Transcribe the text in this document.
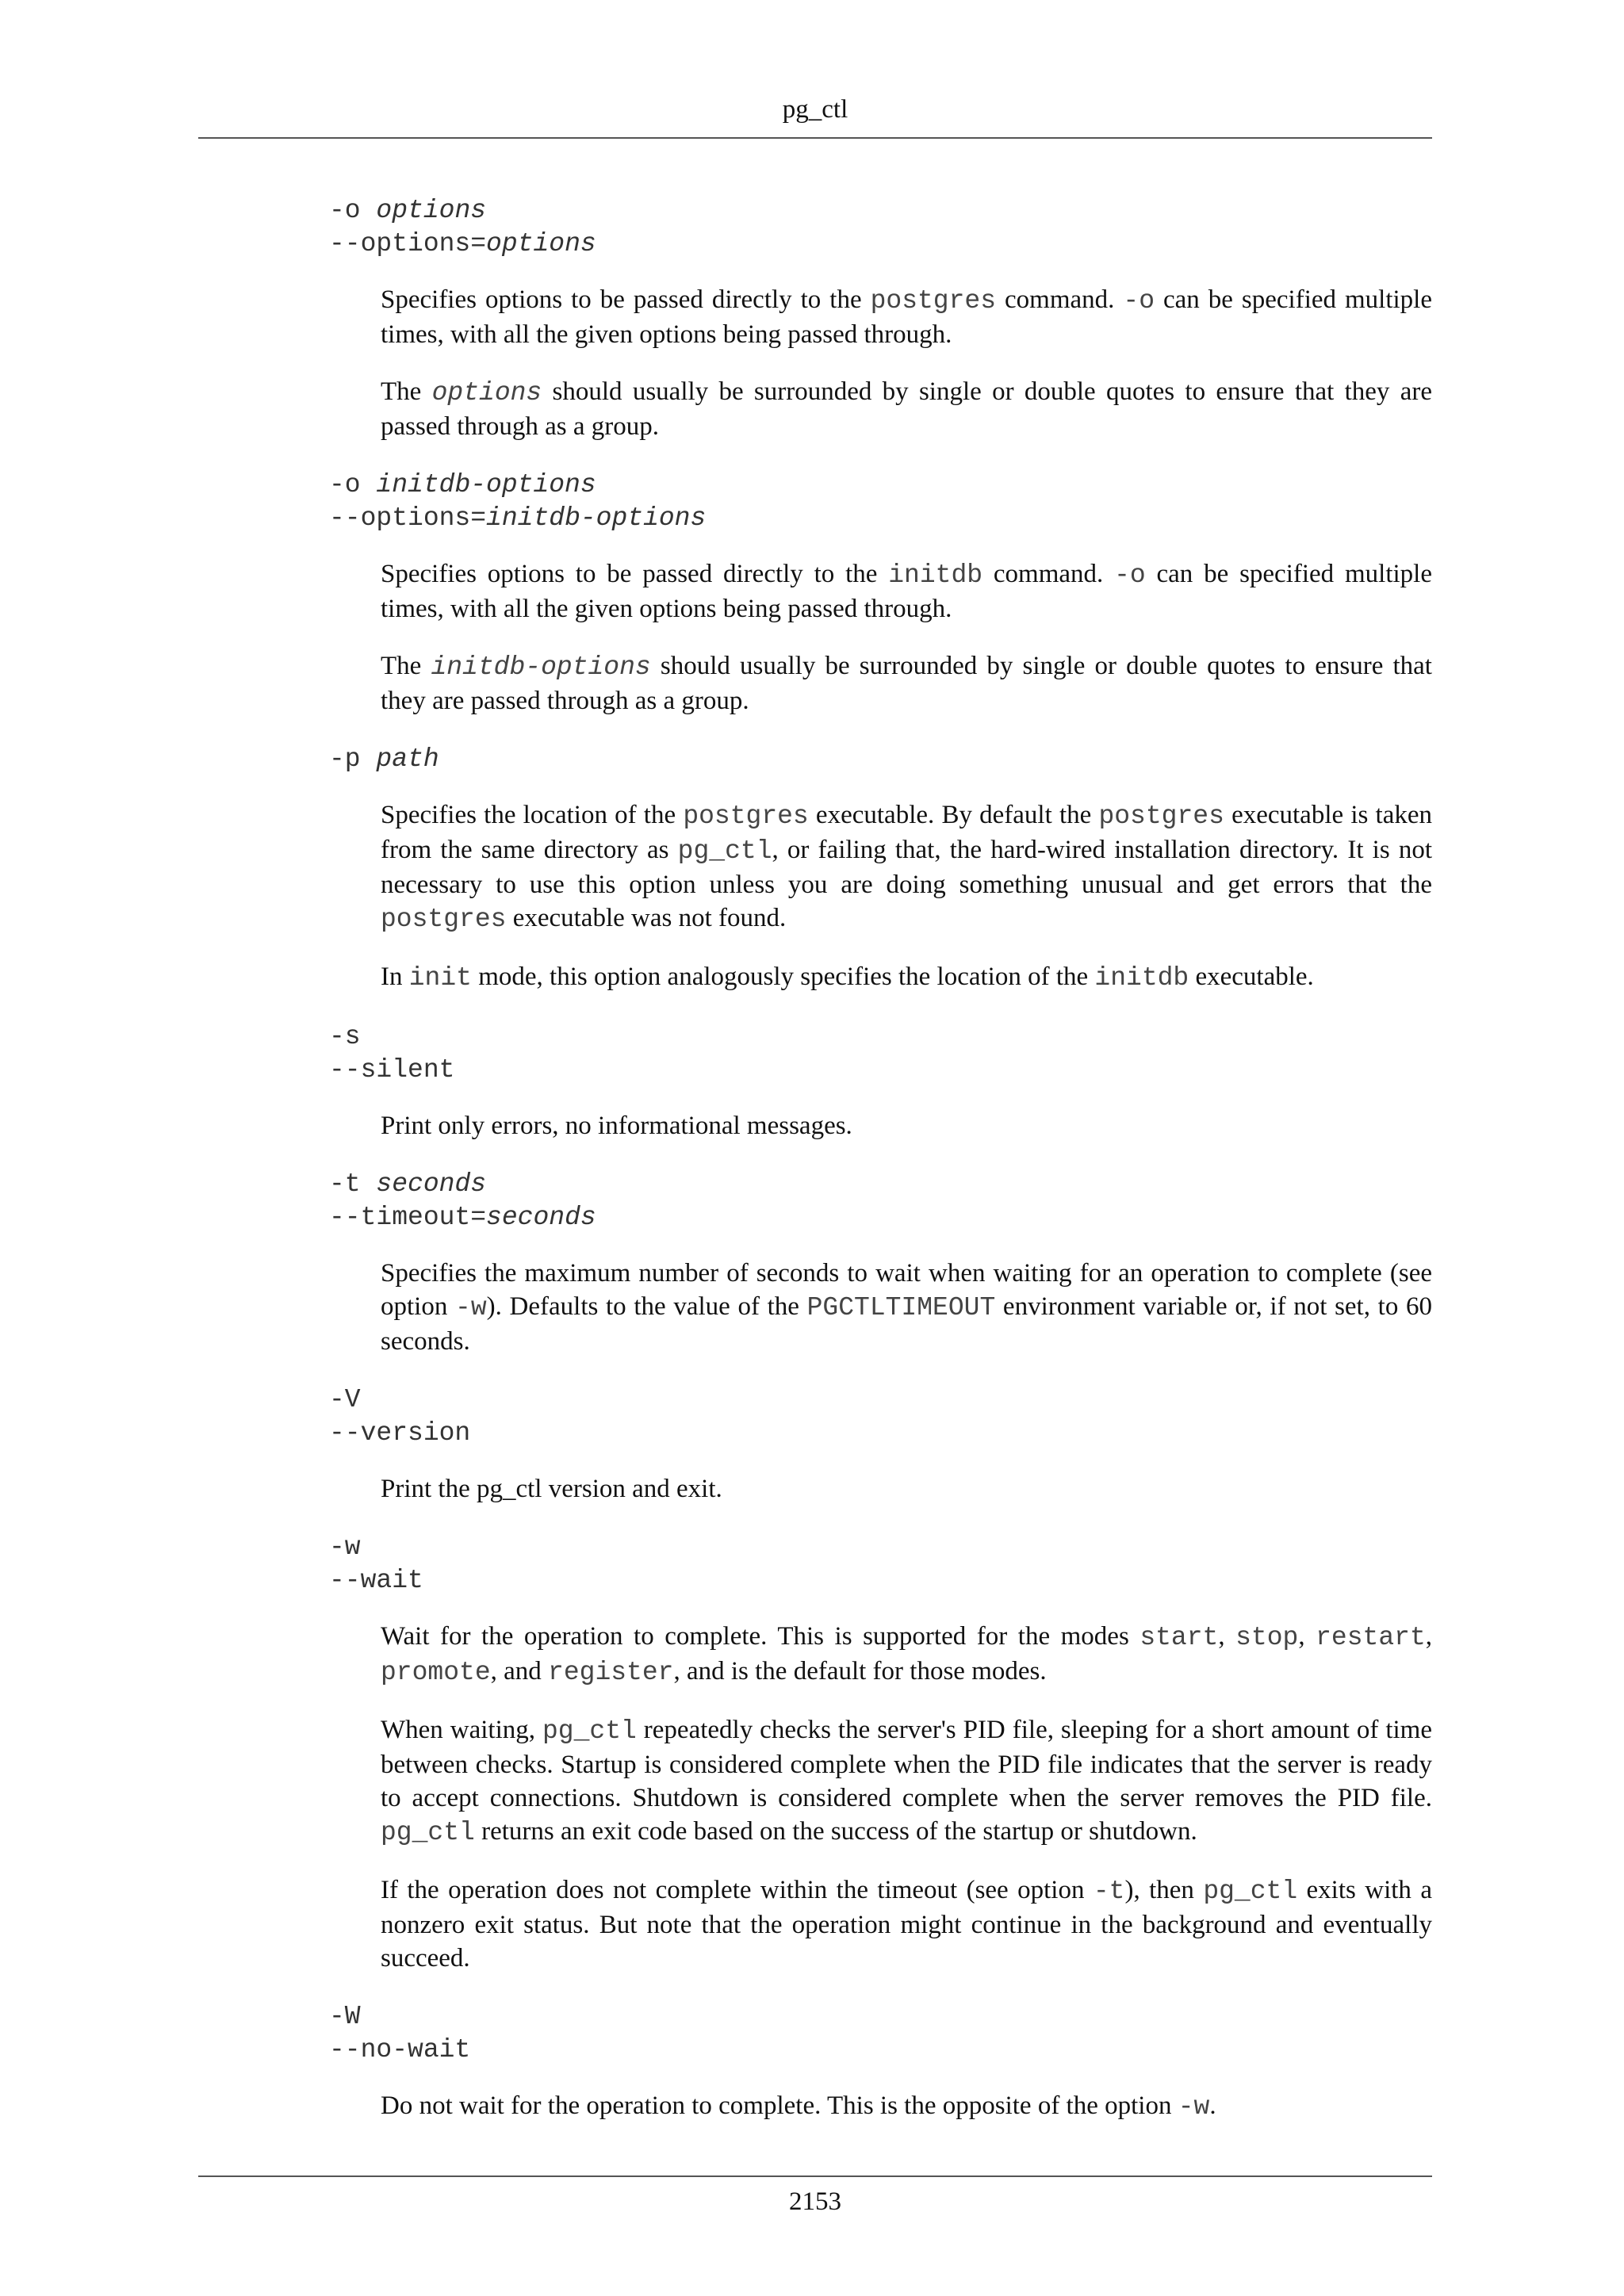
pg_ctl

-o options

--options=options

Specifies options to be passed directly to the postgres command. -o can be specified multiple times, with all the given options being passed through.

The options should usually be surrounded by single or double quotes to ensure that they are passed through as a group.

-o initdb-options

--options=initdb-options

Specifies options to be passed directly to the initdb command. -o can be specified multiple times, with all the given options being passed through.

The initdb-options should usually be surrounded by single or double quotes to ensure that they are passed through as a group.

-p path

Specifies the location of the postgres executable. By default the postgres executable is taken from the same directory as pg_ctl, or failing that, the hard-wired installation directory. It is not necessary to use this option unless you are doing something unusual and get errors that the postgres executable was not found.

In init mode, this option analogously specifies the location of the initdb executable.

-s

--silent

Print only errors, no informational messages.

-t seconds

--timeout=seconds

Specifies the maximum number of seconds to wait when waiting for an operation to complete (see option -w). Defaults to the value of the PGCTLTIMEOUT environment variable or, if not set, to 60 seconds.

-V

--version

Print the pg_ctl version and exit.

-w

--wait

Wait for the operation to complete. This is supported for the modes start, stop, restart, promote, and register, and is the default for those modes.

When waiting, pg_ctl repeatedly checks the server's PID file, sleeping for a short amount of time between checks. Startup is considered complete when the PID file indicates that the server is ready to accept connections. Shutdown is considered complete when the server removes the PID file. pg_ctl returns an exit code based on the success of the startup or shutdown.

If the operation does not complete within the timeout (see option -t), then pg_ctl exits with a nonzero exit status. But note that the operation might continue in the background and eventually succeed.

-W

--no-wait

Do not wait for the operation to complete. This is the opposite of the option -w.

2153
